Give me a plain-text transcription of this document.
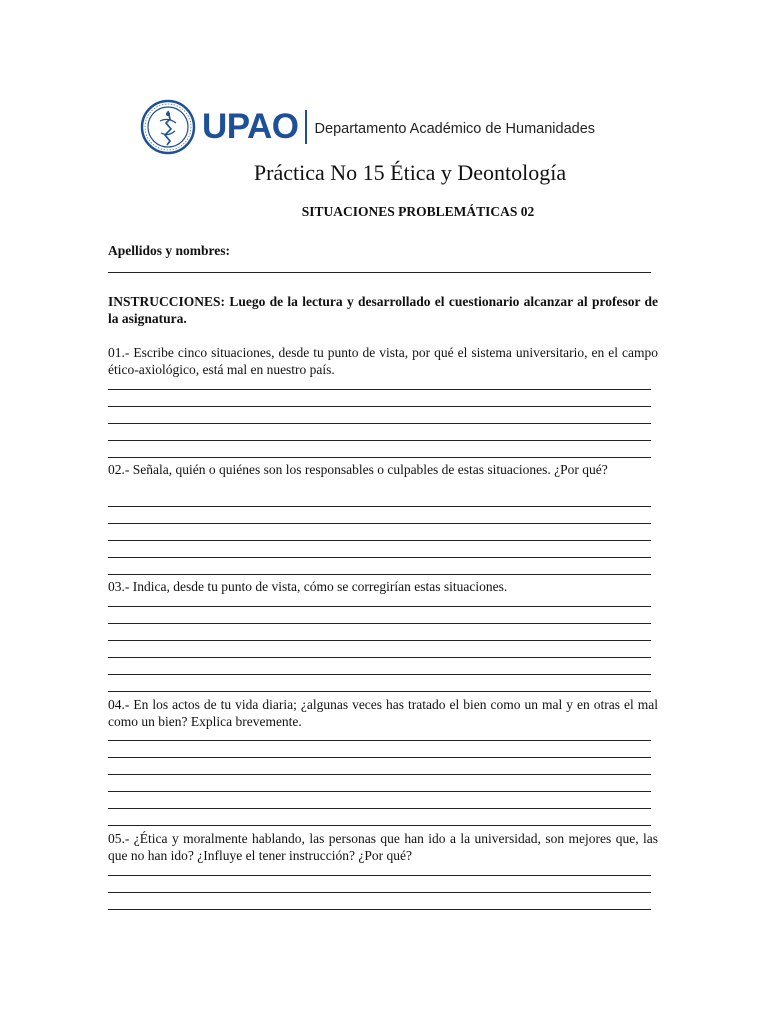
UPAO Departamento Académico de Humanidades
Práctica No 15 Ética y Deontología
SITUACIONES PROBLEMÁTICAS 02
Apellidos y nombres:
INSTRUCCIONES: Luego de la lectura y desarrollado el cuestionario alcanzar al profesor de la asignatura.
01.- Escribe cinco situaciones, desde tu punto de vista, por qué el sistema universitario, en el campo ético-axiológico, está mal en nuestro país.
02.- Señala, quién o quiénes son los responsables o culpables de estas situaciones. ¿Por qué?
03.- Indica, desde tu punto de vista, cómo se corregirían estas situaciones.
04.- En los actos de tu vida diaria; ¿algunas veces has tratado el bien como un mal y en otras el mal como un bien? Explica brevemente.
05.- ¿Ética y moralmente hablando, las personas que han ido a la universidad, son mejores que, las que no han ido? ¿Influye el tener instrucción? ¿Por qué?
